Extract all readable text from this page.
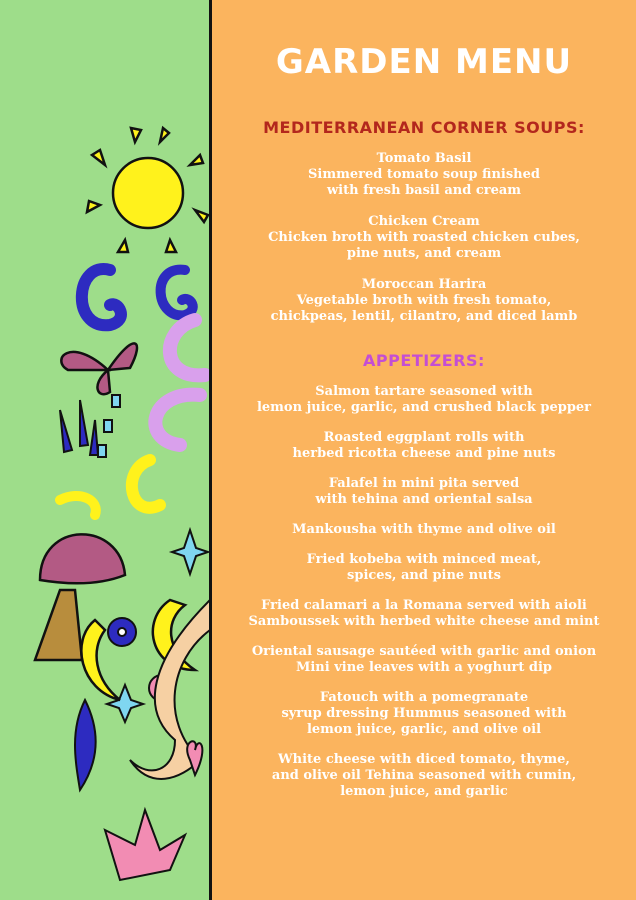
GARDEN MENU
MEDITERRANEAN CORNER SOUPS:
Tomato Basil
Simmered tomato soup finished
with fresh basil and cream
Chicken Cream
Chicken broth with roasted chicken cubes,
pine nuts, and cream
Moroccan Harira
Vegetable broth with fresh tomato,
chickpeas, lentil, cilantro, and diced lamb
APPETIZERS:
Salmon tartare seasoned with
lemon juice, garlic, and crushed black pepper
Roasted eggplant rolls with
herbed ricotta cheese and pine nuts
Falafel in mini pita served
with tehina and oriental salsa
Mankousha with thyme and olive oil
Fried kobeba with minced meat,
spices, and pine nuts
Fried calamari a la Romana served with aioli
Samboussek with herbed white cheese and mint
Oriental sausage sautéed with garlic and onion
Mini vine leaves with a yoghurt dip
Fatouch with a pomegranate
syrup dressing Hummus seasoned with
lemon juice, garlic, and olive oil
White cheese with diced tomato, thyme,
and olive oil Tehina seasoned with cumin,
lemon juice, and garlic
